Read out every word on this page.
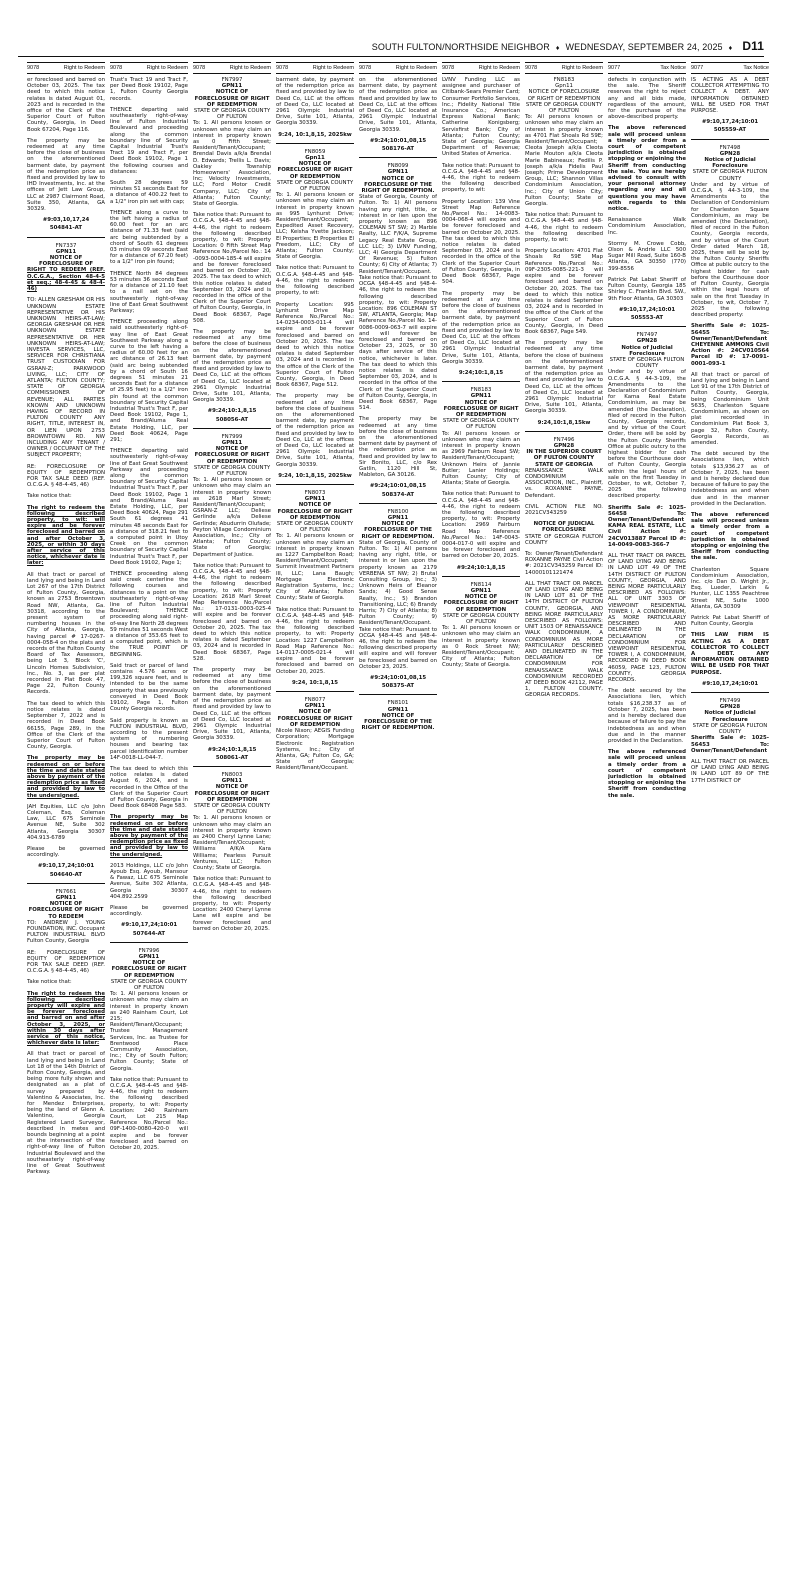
SOUTH FULTON/NORTHSIDE NEIGHBOR ♦ WEDNESDAY, SEPTEMBER 24, 2025 ♦ D11
9078	Right to Redeem

er foreclosed and barred on October 03, 2025. The tax deed to which this notice relates is dated August 01, 2023 and is recorded in the office of the Clerk of the Superior Court of Fulton County, Georgia, in Deed Book 67204, Page 116.

The property may be redeemed at any time before the close of business on the aforementioned barment date, by payment of the redemption price as fixed and provided by law to IHD Investments, Inc. at the offices of Jett Law Group, LLC at 2987 Clairmont Road, Suite 350, Atlanta, GA 30329.

#9:03,10,17,24

504841-AT

FN7337

GPN11

NOTICE OF

FORECLOSURE OF

RIGHT TO REDEEM (REF. O.C.G.A., Section 48-4-5 et seq.; 48-4-45 & 48-4-46)

TO: ALLEN GRESHAM OR HIS UNKNOWN ESTATE REPRESENTATIVE OR HIS UNKNOWN HEIRS-AT-LAW; GEORGIA GRESHAM OR HER UNKNOWN ESTATE REPRESENTATIVE OR HER UNKNOWN HEIRS-AT-LAW; INVESTA SERVICES, LLC, SERVICER FOR CHRISTIANA TRUST CUSTODIAN FOR GSRAN-Z; PARKWOOD LIVING, LLC; CITY OF ATLANTA; FULTON COUNTY; STATE OF GEORGIA COMMISSIONER OF REVENUE; ALL PARTIES KNOWN AND UNKNOWN HAVING OF RECORD IN FULTON COUNTY ANY RIGHT, TITLE, INTEREST IN, OR LIEN UPON 2753 BROWNTOWN RD. NW INCLUDING ANY TENANT / OWNER / OCCUPANT OF THE SUBJECT PROPERTY;

RE: FORECLOSURE OF EQUITY OF REDEMPTION FOR TAX SALE DEED (REF. O.C.G.A. § 48-4-45, 46)

Take notice that:

The right to redeem the following described property, to wit: will expire and be forever foreclosed and barred on and after October 3, 2025, or within 30 days after service of this notice, whichever date is later:

All that tract or parcel of land lying and being in Land Lot 267 of the 17th District of Fulton County, Georgia, known as 2753 Browntown Road NW, Atlanta, Ga. 30318, according to the present system of numbering houses in the City of Atlanta, Georgia, having parcel # 17-0267-0004-058-4 on the plats and records of the Fulton County Board of Tax Assessors, being Lot 3, Block 'C', Lincoln Homes Subdivision, Inc., No. 3, as per plat recorded in Plat Book 47, Page 22, Fulton County Records.

The tax deed to which this notice relates is dated September 7, 2022 and is recorded in Deed Book 66155, Page 289, in the Office of the Clerk of the Superior Court of Fulton County, Georgia.

The property may be redeemed on or before the time and date stated above by payment of the redemption price as fixed and provided by law to the undersigned.

JAH Equities, LLC c/o John Coleman, Esq. Coleman Law, LLC 675 Seminole Avenue NE, Suite 302 Atlanta, Georgia 30307 404.913-6789

Please be governed accordingly.

#9:10,17,24;10:01

504640-AT

FN7661

GPN11

NOTICE OF FORECLOSURE OF RIGHT TO REDEEM

TO: ANDREW J. YOUNG FOUNDATION, INC. Occupant FULTON INDUSTRIAL BLVD Fulton County, Georgia

RE: FORECLOSURE OF EQUITY OF REDEMPTION FOR TAX SALE DEED (REF. O.C.G.A. § 48-4-45, 46)

Take notice that:

The right to redeem the following described property will expire and be forever foreclosed and barred on and after October 3, 2025, or within 30 days after service of this notice, whichever date is later:

All that tract or parcel of land lying and being in Land Lot 18 of the 14th District of Fulton County, Georgia, and being more fully shown and designated as a plat of survey prepared by Valentino & Associates, Inc. for Mendez Enterprises, being the land of Glenn A. Valentino, Georgia Registered Land Surveyor, described in metes and bounds beginning at a point at the intersection of the right-of-way line of Fulton Industrial Boulevard and the southeasterly right-of-way line of Great Southwest Parkway.

9078	Right to Redeem

Trust's Tract 19 and Tract F, per Deed Book 19102, Page 1, Fulton County Georgia records.

THENCE departing said southeasterly right-of-way line of Fulton Industrial Boulevard and proceeding along the common boundary line of Security Capital Industrial Trust's Tract 19 and Tract F, per Deed Book 19102, Page 1 the following courses and distances:

South 28 degrees 59 minutes 51 seconds East for a distance of 400.22 feet to a 1/2" iron pin set with cap;

THENCE along a curve to the left having a radius of 60.00 feet for an arc distance of 71.33 feet (said arc being subtended by a chord of South 61 degrees 03 minutes 09 seconds East for a distance of 67.20 feet) to a 1/2" iron pin found;

THENCE North 84 degrees 53 minutes 36 seconds East for a distance of 21.10 feet to a nail set on the southwesterly right-of-way line of East Great Southwest Parkway;

THENCE proceeding along said southwesterly right-of-way line of East Great Southwest Parkway along a curve to the left having a radius of 60.00 feet for an arc distance of 26.13 feet (said arc being subtended by a chord of South 16 degrees 51 minutes 21 seconds East for a distance of 25.95 feet) to a 1/2" iron pin found at the common boundary of Security Capital Industrial Trust's Tract F, per Deed Book 19102, Page 1, and Brand/Aluma Real Estate Holding, LLC, per Deed Book 40624, Page 291;

THENCE departing said southwesterly right-of-way line of East Great Southwest Parkway and proceeding along the common boundary of Security Capital Industrial Trust's Tract F, per Deed Book 19102, Page 1 and Brand/Aluma Real Estate Holding, LLC, per Deed Book 40624, Page 291 South 61 degrees 41 minutes 48 seconds East for a distance of 318.21 feet to a computed point in Utoy Creek on the common boundary of Security Capital Industrial Trust's Tract F, per Deed Book 19102, Page 1;

THENCE proceeding along said creek centerline the following courses and distances to a point on the southeasterly right-of-way line of Fulton Industrial Boulevard; THENCE proceeding along said right-of-way line North 28 degrees 59 minutes 51 seconds West a distance of 353.65 feet to a computed point, which is the TRUE POINT OF BEGINNING.

Said tract or parcel of land contains 4.576 acres or 199,326 square feet, and is intended to be the same property that was previously conveyed in Deed Book 19102, Page 1, Fulton County Georgia records.

Said property is known as FULTON INDUSTRIAL BLVD, according to the present system of numbering houses and bearing tax parcel identification number 14F-0018-LL-044-7.

The tax deed to which this notice relates is dated August 6, 2024, and is recorded in the Office of the Clerk of the Superior Court of Fulton County, Georgia in Deed Book 68408 Page 583.

The property may be redeemed on or before the time and date stated above by payment of the redemption price as fixed and provided by law to the undersigned.

2013 Holdings, LLC c/o John Ayoub Esq. Ayoub, Mansour & Fawaz, LLC 675 Seminole Avenue, Suite 302 Atlanta, Georgia 30307 404.892.2599

Please be governed accordingly.

#9:10,17,24;10:01

507644-AT

FN7996

GPN11

NOTICE OF FORECLOSURE OF RIGHT OF REDEMPTION

STATE OF GEORGIA COUNTY OF FULTON

To: 1. All persons known or unknown who may claim an interest in property known as 240 Rainham Court, Lot 215; Resident/Tenant/Occupant; Trustee Management Services, Inc. as Trustee for Brentwood Place Community Association, Inc.; City of South Fulton; Fulton County; State of Georgia.

Take notice that: Pursuant to O.C.G.A. §48-4-45 and §48-4-46, the right to redeem the following described property, to wit: Property Location: 240 Rainham Court, Lot 215 Map Reference No./Parcel No.: 09F-1400-0080-420-0 will expire and be forever foreclosed and barred on October 20, 2025.

9078	Right to Redeem

FN7997

GPN11

NOTICE OF FORECLOSURE OF RIGHT OF REDEMPTION

STATE OF GEORGIA COUNTY OF FULTON

To: 1. All persons known or unknown who may claim an interest in property known as 0 Fifth Street; Resident/Tenant/Occupant; Brendal Davis a/k/a Brendal D. Edwards; Trellis L. Davis; Oakley Township Homeowners' Association, Inc; Velocity Investments, LLC; Ford Motor Credit Company, LLC; City of Atlanta; Fulton County; State of Georgia.

Take notice that: Pursuant to O.C.G.A. §48-4-45 and §48-4-46, the right to redeem the following described property, to wit: Property Location: 0 Fifth Street Map Reference No./Parcel No.: 14 -0093-0004-185-4 will expire and be forever foreclosed and barred on October 20, 2025. The tax deed to which this notice relates is dated September 03, 2024 and is recorded in the office of the Clerk of the Superior Court of Fulton County, Georgia, in Deed Book 68367, Page 508.

The property may be redeemed at any time before the close of business on the aforementioned barment date, by payment of the redemption price as fixed and provided by law to Deed Co, LLC at the offices of Deed Co, LLC located at 2961 Olympic Industrial Drive, Suite 101, Atlanta, Georgia 30339.

#9:24;10:1,8,15

508056-AT

FN7999

GPN11

NOTICE OF FORECLOSURE OF RIGHT OF REDEMPTION

STATE OF GEORGIA COUNTY OF FULTON

To: 1. All persons known or unknown who may claim an interest in property known as 2618 Marl Street; Resident/Tenant/Occupant; GSRAN-Z LLC; Deliese Gerlinde a/k/a Deliese Gerlinde; Abudurrin Olufade; Peyton Village Condominium Association, Inc.; City of Atlanta; Fulton County; State of Georgia; Department of Justice.

Take notice that: Pursuant to O.C.G.A. §48-4-45 and §48-4-46, the right to redeem the following described property, to wit: Property Location: 2618 Marl Street Map Reference No./Parcel No.: 17-0131-0003-025-4 will expire and be forever foreclosed and barred on October 20, 2025. The tax deed to which this notice relates is dated September 03, 2024 and is recorded in Deed Book 68367, Page 528.

The property may be redeemed at any time before the close of business on the aforementioned barment date, by payment of the redemption price as fixed and provided by law to Deed Co, LLC at the offices of Deed Co, LLC located at 2961 Olympic Industrial Drive, Suite 101, Atlanta, Georgia 30339.

#9:24;10:1,8,15

508061-AT

FN8003

GPN11

NOTICE OF FORECLOSURE OF RIGHT OF REDEMPTION

STATE OF GEORGIA COUNTY OF FULTON

To: 1. All persons known or unknown who may claim an interest in property known as 2400 Cheryl Lynne Lane; Resident/Tenant/Occupant; Williams A/K/A Kara Williams; Fearless Pursuit Ventures, LLC; Fulton County; State of Georgia.

Take notice that: Pursuant to O.C.G.A. §48-4-45 and §48-4-46, the right to redeem the following described property, to wit: Property Location: 2400 Cheryl Lynne Lane will expire and be forever foreclosed and barred on October 20, 2025.

9078	Right to Redeem

barment date, by payment of the redemption price as fixed and provided by law to Deed Co, LLC at the offices of Deed Co, LLC located at 2961 Olympic Industrial Drive, Suite 101, Atlanta, Georgia 30339.

9:24, 10:1,8,15, 2025kw

FN8059

Gpn11

NOTICE OF FORECLOSURE OF RIGHT OF REDEMPTION

STATE OF GEORGIA COUNTY OF FULTON

To: 1. All persons known or unknown who may claim an interest in property known as 995 Lynhurst Drive; Resident/Tenant/Occupant; Expedited Asset Recovery, LLC; Keisha Yvette Jackson; El Properties; El Properties El Freedom, LLC; City of Atlanta; Fulton County; State of Georgia.

Take notice that: Pursuant to O.C.G.A. §48-4-45 and §48-4-46, the right to redeem the following described property, to wit:

Property Location: 995 Lynhurst Drive Map Reference No./Parcel No.: 14-0234-0003-011-4 will expire and be forever foreclosed and barred on October 20, 2025. The tax deed to which this notice relates is dated September 03, 2024 and is recorded in the office of the Clerk of the Superior Court of Fulton County, Georgia, in Deed Book 68367, Page 512.

The property may be redeemed at any time before the close of business on the aforementioned barment date, by payment of the redemption price as fixed and provided by law to Deed Co, LLC at the offices of Deed Co, LLC located at 2961 Olympic Industrial Drive, Suite 101, Atlanta, Georgia 30339.

9:24, 10:1,8,15, 2025kw

FN8073

GPN11

NOTICE OF FORECLOSURE OF RIGHT OF REDEMPTION

STATE OF GEORGIA COUNTY OF FULTON

To: 1. All persons known or unknown who may claim an interest in property known as 1227 Campbellton Road; Resident/Tenant/Occupant; Summit Investment Partners III, LLC; Lana Baugh; Mortgage Electronic Registration Systems, Inc.; City of Atlanta; Fulton County; State of Georgia.

Take notice that: Pursuant to O.C.G.A. §48-4-45 and §48-4-46, the right to redeem the following described property, to wit: Property Location: 1227 Campbellton Road Map Reference No.: 14-0117-0005-021-4 will expire and be forever foreclosed and barred on October 20, 2025.

9:24, 10:1,8,15

FN8077

GPN11

NOTICE OF FORECLOSURE OF RIGHT OF REDEMPTION

Nicole Nixon; AEGIS Funding Corporation; Mortgage Electronic Registration Systems, Inc.; City of Atlanta, GA; Fulton Co, GA; State of Georgia; Resident/Tenant/Occupant.

9078	Right to Redeem

on the aforementioned barment date, by payment of the redemption price as fixed and provided by law to Deed Co, LLC at the offices of Deed Co, LLC located at 2961 Olympic Industrial Drive, Suite 101, Atlanta, Georgia 30339.

#9:24;10:01,08,15

508176-AT

FN8099

GPN11

NOTICE OF FORECLOSURE OF THE RIGHT OF REDEMPTION.

State of Georgia, County of Fulton. To: 1) All persons having any right, title, or interest in or lien upon the property known as 896 COLEMAN ST SW; 2) Marble Realty, LLC F/K/A, Supreme Legacy Real Estate Group, LLC LLC; 3) LVNV Funding, LLC; 4) Georgia Department Of Revenue; 5) Fulton County; 6) City of Atlanta; 7) Resident/Tenant/Occupant. Take notice that: Pursuant to OCGA §48-4-45 and §48-4-46, the right to redeem the following described property, to wit: Property Location: 896 COLEMAN ST SW, ATLANTA, Georgia; Map Reference No./Parcel No. 14-0086-0009-063-7 will expire and will forever be foreclosed and barred on October 23, 2025, or 30 days after service of this notice, whichever is later. The tax deed to which this notice relates is dated September 03, 2024, and is recorded in the office of the Clerk of the Superior Court of Fulton County, Georgia, in Deed Book 68367, Page 514.

The property may be redeemed at any time before the close of business on the aforementioned barment date by payment of the redemption price as fixed and provided by law to Sir Bonito, LLC, c/o Rex Gatlin, 1120 Hill St, Mableton, GA 30126.

#9:24;10:01,08,15

508374-AT

FN8100

GPN11

NOTICE OF FORECLOSURE OF THE RIGHT OF REDEMPTION.

State of Georgia, County of Fulton. To: 1) All persons having any right, title, or interest in or lien upon the property known as 2179 VERBENA ST NW; 2) Brutal Consulting Group, Inc.; 3) Unknown Heirs of Eleanor Sands; 4) Good Sense Realty, Inc.; 5) Brandon Transitioning, LLC; 6) Brandy Harris; 7) City of Atlanta; 8) Fulton County; 9) Resident/Tenant/Occupant. Take notice that: Pursuant to OCGA §48-4-45 and §48-4-46, the right to redeem the following described property will expire and will forever be foreclosed and barred on October 23, 2025.

#9:24;10:01,08,15

508375-AT

FN8101

GPN11

NOTICE OF FORECLOSURE OF THE RIGHT OF REDEMPTION.

9078	Right to Redeem

LVNV Funding LLC as assignee and purchaser of Citibank-Sears Premier Card; Consumer Portfolio Services, Inc.; Fidelity National Title Insurance Co.; American Express National Bank; Catherine Konigsberg; Servisfirst Bank; City of Atlanta; Fulton County; State of Georgia; Georgia Department of Revenue; United States of America.

Take notice that: Pursuant to O.C.G.A. §48-4-45 and §48-4-46, the right to redeem the following described property, to wit:

Property Location: 139 Vine Street Map Reference No./Parcel No.: 14-0083-0004-068-4 will expire and be forever foreclosed and barred on October 20, 2025. The tax deed to which this notice relates is dated September 03, 2024 and is recorded in the office of the Clerk of the Superior Court of Fulton County, Georgia, in Deed Book 68367, Page 504.

The property may be redeemed at any time before the close of business on the aforementioned barment date, by payment of the redemption price as fixed and provided by law to Deed Co, LLC at the offices of Deed Co, LLC located at 2961 Olympic Industrial Drive, Suite 101, Atlanta, Georgia 30339.

9:24;10:1,8,15

FN8183

GPN11

NOTICE OF FORECLOSURE OF RIGHT OF REDEMPTION

STATE OF GEORGIA COUNTY OF FULTON

To: All persons known or unknown who may claim an interest in property known as 2969 Fairburn Road SW; Resident/Tenant/Occupant; Unknown Heirs of Jannie Butler; Lanier Holdings; Fulton County; City of Atlanta; State of Georgia.

Take notice that: Pursuant to O.C.G.A. §48-4-45 and §48-4-46, the right to redeem the following described property, to wit: Property Location: 2969 Fairburn Road Map Reference No./Parcel No.: 14F-0043-0004-017-0 will expire and be forever foreclosed and barred on October 20, 2025.

#9:24;10:1,8,15

FN8114

GPN11

NOTICE OF FORECLOSURE OF RIGHT OF REDEMPTION

STATE OF GEORGIA COUNTY OF FULTON

To: 1. All persons known or unknown who may claim an interest in property known as 0 Rock Street NW; Resident/Tenant/Occupant; City of Atlanta; Fulton County; State of Georgia.

9078	Right to Redeem

FN8183

Gpn11

NOTICE OF FORECLOSURE OF RIGHT OF REDEMPTION

STATE OF GEORGIA COUNTY OF FULTON

To: All persons known or unknown who may claim an interest in property known as 4701 Flat Shoals Rd 59E; Resident/Tenant/Occupant; Cleota Joseph a/k/a Cleota Marie Mouton a/k/a Cleota Marie Babineaux; Fedilis P. Joseph a/k/a Fidelis Paul Joseph; Prime Development Group, LLC; Shannon Villas Condominium Association, Inc.; City of Union City; Fulton County; State of Georgia.

Take notice that: Pursuant to O.C.G.A. §48-4-45 and §48-4-46, the right to redeem the following described property, to wit:

Property Location: 4701 Flat Shoals Rd 59E Map Reference No./Parcel No.: 09F-2305-0085-221-3 will expire and be forever foreclosed and barred on October 20, 2025. The tax deed to which this notice relates is dated September 03, 2024 and is recorded in the office of the Clerk of the Superior Court of Fulton County, Georgia, in Deed Book 68367, Page 549.

The property may be redeemed at any time before the close of business on the aforementioned barment date, by payment of the redemption price as fixed and provided by law to Deed Co, LLC at the offices of Deed Co, LLC located at 2961 Olympic Industrial Drive, Suite 101, Atlanta, Georgia 30339.

9:24,10:1,8,15kw

FN7496

GPN28

IN THE SUPERIOR COURT OF FULTON COUNTY STATE OF GEORGIA

RENAISSANCE WALK CONDOMINIUM ASSOCIATION, INC., Plaintiff, vs. ROXANNE PAYNE, Defendant.

CIVIL ACTION FILE NO. 2021CV343259

NOTICE OF JUDICIAL FORECLOSURE

STATE OF GEORGIA FULTON COUNTY

To: Owner/Tenant/Defendant ROXANNE PAYNE Civil Action #: 2021CV343259 Parcel ID: 14000101121474

ALL THAT TRACT OR PARCEL OF LAND LYING AND BEING IN LAND LOT 81 OF THE 14TH DISTRICT OF FULTON COUNTY, GEORGIA, AND BEING MORE PARTICULARLY DESCRIBED AS FOLLOWS: UNIT 1503 OF RENAISSANCE WALK CONDOMINIUM, A CONDOMINIUM AS MORE PARTICULARLY DESCRIBED AND DELINEATED IN THE DECLARATION OF CONDOMINIUM FOR RENAISSANCE WALK CONDOMINIUM RECORDED AT DEED BOOK 42112, PAGE 1, FULTON COUNTY, GEORGIA RECORDS.

9077	Tax Notice

defects in conjunction with the sale. The Sheriff reserves the right to reject any and all bids made, regardless of the amount, for the purchase of the above-described property.

The above referenced sale will proceed unless a timely order from a court of competent jurisdiction is obtained stopping or enjoining the Sheriff from conducting the sale. You are hereby advised to consult with your personal attorney regarding any and all questions you may have with regards to this notice.

Renaissance Walk Condominium Association, Inc.

Stormy M. Crowe Cobb, Olson & Andrle LLC 500 Sugar Mill Road, Suite 160-B Atlanta, GA 30350 (770) 399-8556

Patrick Pat Labat Sheriff of Fulton County, Georgia 185 Shirley C. Franklin Blvd. SW., 9th Floor Atlanta, GA 30303

#9:10,17,24;10:01

505553-AT

FN7497

GPN28

Notice of Judicial Foreclosure

STATE OF GEORGIA FULTON COUNTY

Under and by virtue of O.C.G.A. § 44-3-109, the Amendments to the Declaration of Condominium for Kama Real Estate Condominium, as may be amended (the Declaration), filed of record in the Fulton County, Georgia records, and by virtue of the Court Order, there will be sold by the Fulton County Sheriffs Office at public outcry to the highest bidder for cash before the Courthouse door of Fulton County, Georgia within the legal hours of sale on the first Tuesday in October, to wit, October 7, 2025 the following described property:

Sheriffs Sale #: 1025-56458 To: Owner/Tenant/Defendant KAMA REAL ESTATE, LLC Civil Action #: 24CV013887 Parcel ID #: 14-0049-0083-366-7

ALL THAT TRACT OR PARCEL OF LAND LYING AND BEING IN LAND LOT 49 OF THE 14TH DISTRICT OF FULTON COUNTY, GEORGIA, AND BEING MORE PARTICULARLY DESCRIBED AS FOLLOWS: ALL OF UNIT 3303 OF VIEWPOINT RESIDENTIAL TOWER I, A CONDOMINIUM, AS MORE PARTICULARLY DESCRIBED AND DELINEATED IN THE DECLARATION OF CONDOMINIUM FOR VIEWPOINT RESIDENTIAL TOWER I, A CONDOMINIUM, RECORDED IN DEED BOOK 46059, PAGE 123, FULTON COUNTY, GEORGIA RECORDS.

The debt secured by the Associations lien, which totals $16,238.37 as of October 7, 2025, has been and is hereby declared due because of failure to pay the indebtedness as and when due and in the manner provided in the Declaration.

The above referenced sale will proceed unless a timely order from a court of competent jurisdiction is obtained stopping or enjoining the Sheriff from conducting the sale.

9077	Tax Notice

IS ACTING AS A DEBT COLLECTOR ATTEMPTING TO COLLECT A DEBT. ANY INFORMATION OBTAINED WILL BE USED FOR THAT PURPOSE.

#9:10,17,24;10:01

505559-AT

FN7498

GPN28

Notice of Judicial Foreclosure

STATE OF GEORGIA FULTON COUNTY

Under and by virtue of O.C.G.A. § 44-3-109, the Amendments to the Declaration of Condominium for Charleston Square Condominium, as may be amended (the Declaration), filed of record in the Fulton County, Georgia records, and by virtue of the Court Order dated March 18, 2025, there will be sold by the Fulton County Sheriffs Office at public outcry to the highest bidder for cash before the Courthouse door of Fulton County, Georgia within the legal hours of sale on the first Tuesday in October, to wit, October 7, 2025 the following described property:

Sheriffs Sale #: 1025-56455 To: Owner/Tenant/Defendant CHEYENNE AMMONS Civil Action #: 24CV010564 Parcel ID #: 17-0091-0001-093-1

All that tract or parcel of land lying and being in Land Lot 91 of the 17th District of Fulton County, Georgia, being Condominium Unit 5635, Charleston Square Condominium, as shown on plat recorded in Condominium Plat Book 3, page 32, Fulton County, Georgia Records, as amended.

The debt secured by the Associations lien, which totals $13,936.27 as of October 7, 2025, has been and is hereby declared due because of failure to pay the indebtedness as and when due and in the manner provided in the Declaration.

The above referenced sale will proceed unless a timely order from a court of competent jurisdiction is obtained stopping or enjoining the Sheriff from conducting the sale.

Charleston Square Condominium Association, Inc. c/o Dan D. Wright Jr., Esq. Lueder, Larkin & Hunter, LLC 1355 Peachtree Street NE, Suite 1000 Atlanta, GA 30309

Patrick Pat Labat Sheriff of Fulton County, Georgia

THIS LAW FIRM IS ACTING AS A DEBT COLLECTOR TO COLLECT A DEBT. ANY INFORMATION OBTAINED WILL BE USED FOR THAT PURPOSE.

#9:10,17,24;10:01

FN7499

GPN28

Notice of Judicial Foreclosure

STATE OF GEORGIA FULTON COUNTY

Sheriffs Sale #: 1025-56453 To: Owner/Tenant/Defendant

ALL THAT TRACT OR PARCEL OF LAND LYING AND BEING IN LAND LOT 89 OF THE 17TH DISTRICT OF
